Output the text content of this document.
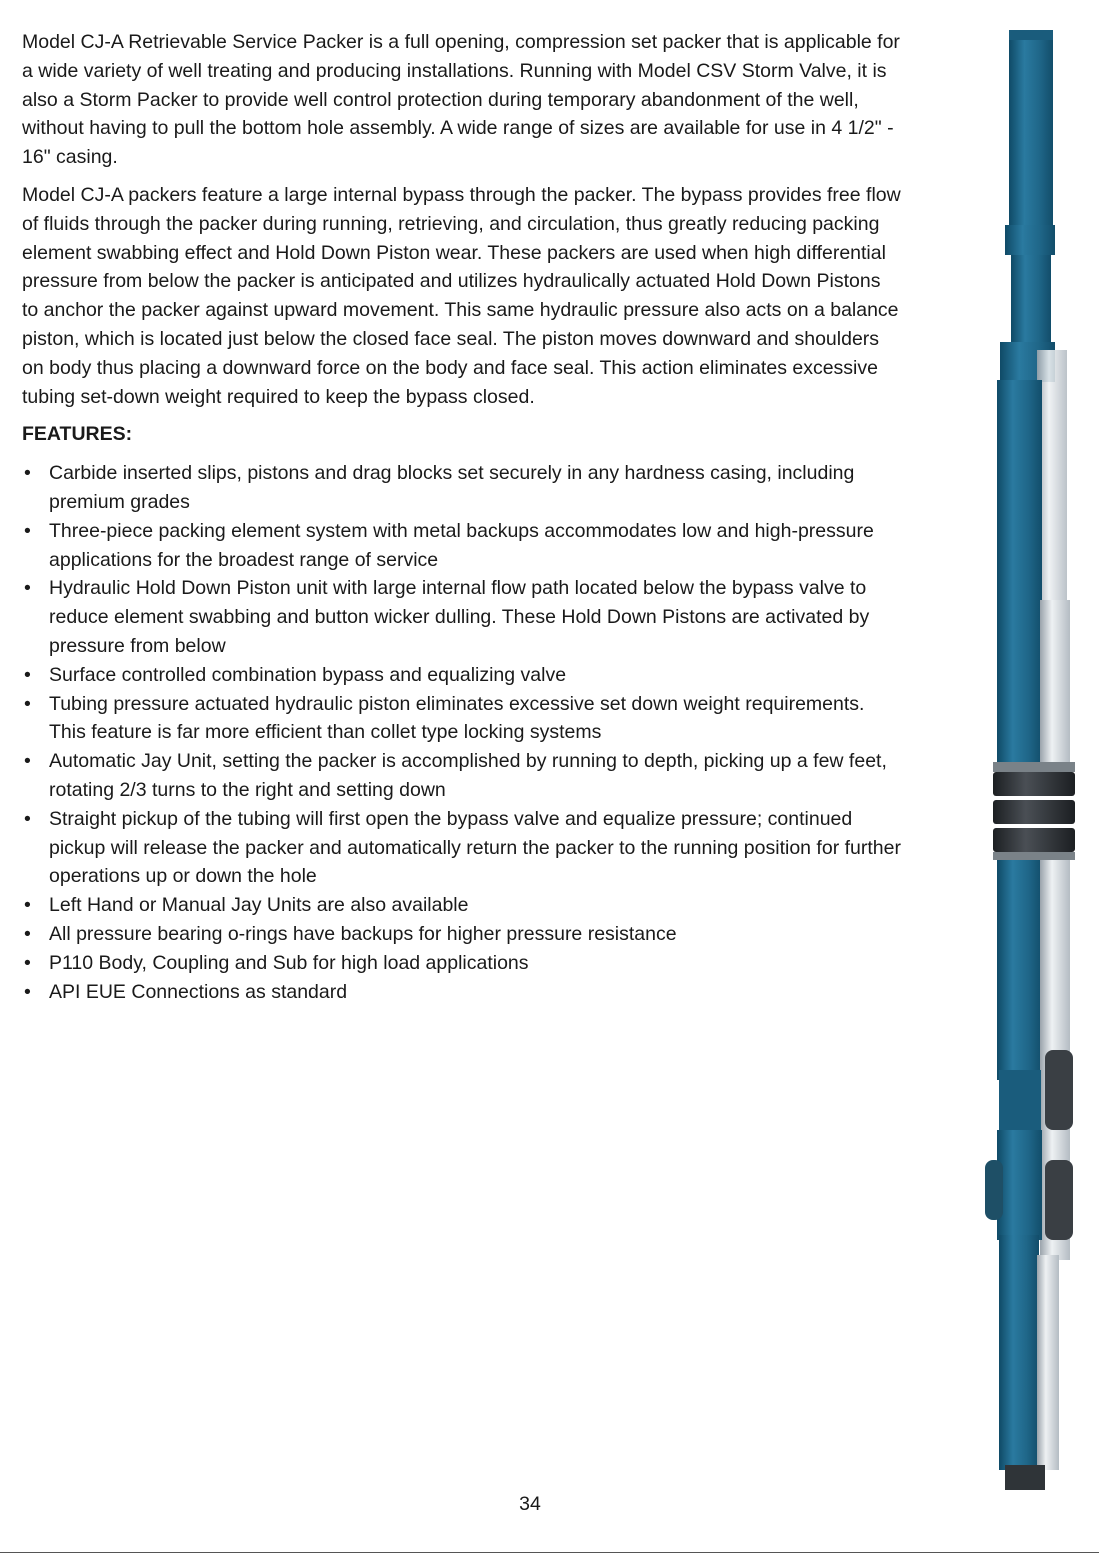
Model CJ-A Retrievable Service Packer is a full opening, compression set packer that is applicable for a wide variety of well treating and producing installations. Running with Model CSV Storm Valve, it is also a Storm Packer to provide well control protection during temporary abandonment of the well, without having to pull the bottom hole assembly. A wide range of sizes are available for use in 4 1/2" - 16" casing.

Model CJ-A packers feature a large internal bypass through the packer. The bypass provides free flow of fluids through the packer during running, retrieving, and circulation, thus greatly reducing packing element swabbing effect and Hold Down Piston wear. These packers are used when high differential pressure from below the packer is anticipated and utilizes hydraulically actuated Hold Down Pistons to anchor the packer against upward movement. This same hydraulic pressure also acts on a balance piston, which is located just below the closed face seal. The piston moves downward and shoulders on body thus placing a downward force on the body and face seal. This action eliminates excessive tubing set-down weight required to keep the bypass closed.

FEATURES:
• Carbide inserted slips, pistons and drag blocks set securely in any hardness casing, including premium grades
• Three-piece packing element system with metal backups accommodates low and high-pressure applications for the broadest range of service
• Hydraulic Hold Down Piston unit with large internal flow path located below the bypass valve to reduce element swabbing and button wicker dulling. These Hold Down Pistons are activated by pressure from below
• Surface controlled combination bypass and equalizing valve
• Tubing pressure actuated hydraulic piston eliminates excessive set down weight requirements. This feature is far more efficient than collet type locking systems
• Automatic Jay Unit, setting the packer is accomplished by running to depth, picking up a few feet, rotating 2/3 turns to the right and setting down
• Straight pickup of the tubing will first open the bypass valve and equalize pressure; continued pickup will release the packer and automatically return the packer to the running position for further operations up or down the hole
• Left Hand or Manual Jay Units are also available
• All pressure bearing o-rings have backups for higher pressure resistance
• P110 Body, Coupling and Sub for high load applications
• API EUE Connections as standard
34
